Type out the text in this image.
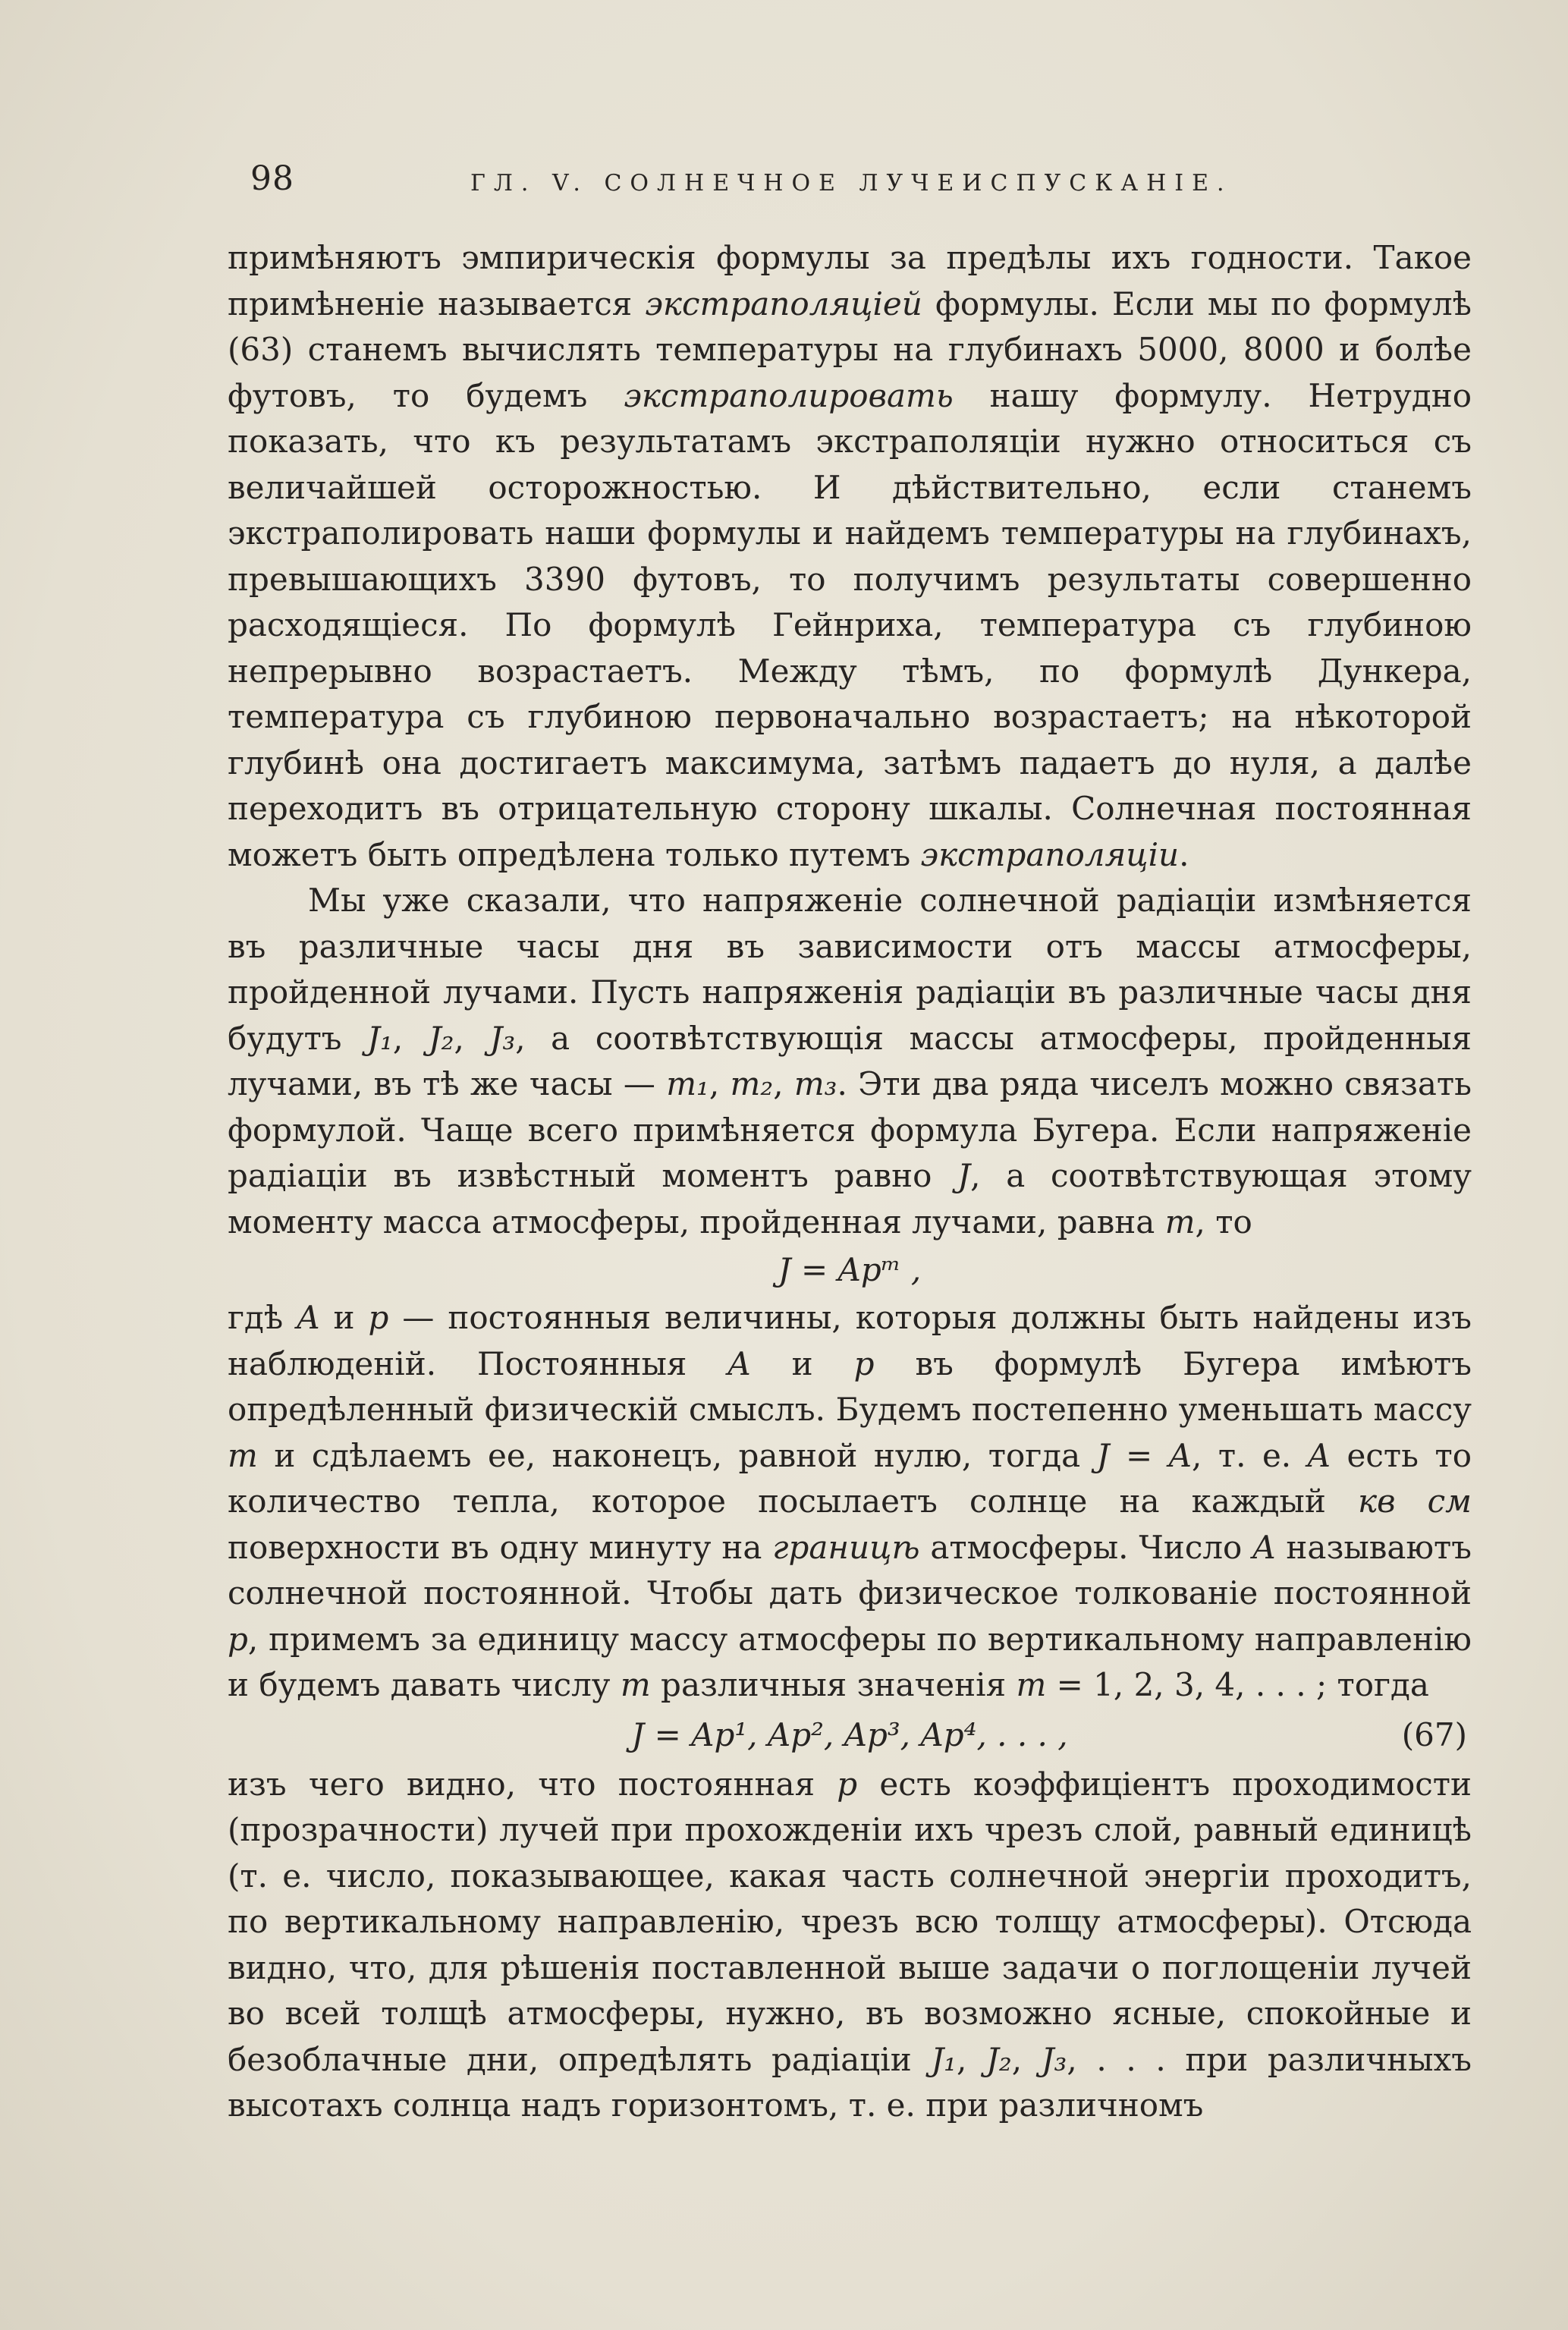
98	ГЛ. V. СОЛНЕЧНОЕ ЛУЧЕИСПУСКАНІЕ.

примѣняютъ эмпирическія формулы за предѣлы ихъ годности. Такое примѣненіе называется экстраполяціей формулы. Если мы по формулѣ (63) станемъ вычислять температуры на глубинахъ 5000, 8000 и болѣе футовъ, то будемъ экстраполировать нашу формулу. Нетрудно показать, что къ результатамъ экстраполяціи нужно относиться съ величайшей осторожностью. И дѣйствительно, если станемъ экстраполировать наши формулы и найдемъ температуры на глубинахъ, превышающихъ 3390 футовъ, то получимъ результаты совершенно расходящіеся. По формулѣ Гейнриха, температура съ глубиною непрерывно возрастаетъ. Между тѣмъ, по формулѣ Дункера, температура съ глубиною первоначально возрастаетъ; на нѣкоторой глубинѣ она достигаетъ максимума, затѣмъ падаетъ до нуля, а далѣе переходитъ въ отрицательную сторону шкалы. Солнечная постоянная можетъ быть опредѣлена только путемъ экстраполяціи.

Мы уже сказали, что напряженіе солнечной радіаціи измѣняется въ различные часы дня въ зависимости отъ массы атмосферы, пройденной лучами. Пусть напряженія радіаціи въ различные часы дня будутъ J₁, J₂, J₃, а соотвѣтствующія массы атмосферы, пройденныя лучами, въ тѣ же часы — m₁, m₂, m₃. Эти два ряда чиселъ можно связать формулой. Чаще всего примѣняется формула Бугера. Если напряженіе радіаціи въ извѣстный моментъ равно J, а соотвѣтствующая этому моменту масса атмосферы, пройденная лучами, равна m, то

J = Apᵐ ,

гдѣ A и p — постоянныя величины, которыя должны быть найдены изъ наблюденій. Постоянныя A и p въ формулѣ Бугера имѣютъ опредѣленный физическій смыслъ. Будемъ постепенно уменьшать массу m и сдѣлаемъ ее, наконецъ, равной нулю, тогда J = A, т. е. A есть то количество тепла, которое посылаетъ солнце на каждый кв см поверхности въ одну минуту на границѣ атмосферы. Число A называютъ солнечной постоянной. Чтобы дать физическое толкованіе постоянной p, примемъ за единицу массу атмосферы по вертикальному направленію и будемъ давать числу m различныя значенія m = 1, 2, 3, 4, . . . ; тогда

J = Ap¹, Ap², Ap³, Ap⁴, . . . ,	(67)

изъ чего видно, что постоянная p есть коэффиціентъ проходимости (прозрачности) лучей при прохожденіи ихъ чрезъ слой, равный единицѣ (т. е. число, показывающее, какая часть солнечной энергіи проходитъ, по вертикальному направленію, чрезъ всю толщу атмосферы). Отсюда видно, что, для рѣшенія поставленной выше задачи о поглощеніи лучей во всей толщѣ атмосферы, нужно, въ возможно ясные, спокойные и безоблачные дни, опредѣлять радіаціи J₁, J₂, J₃, . . . при различныхъ высотахъ солнца надъ горизонтомъ, т. е. при различномъ
